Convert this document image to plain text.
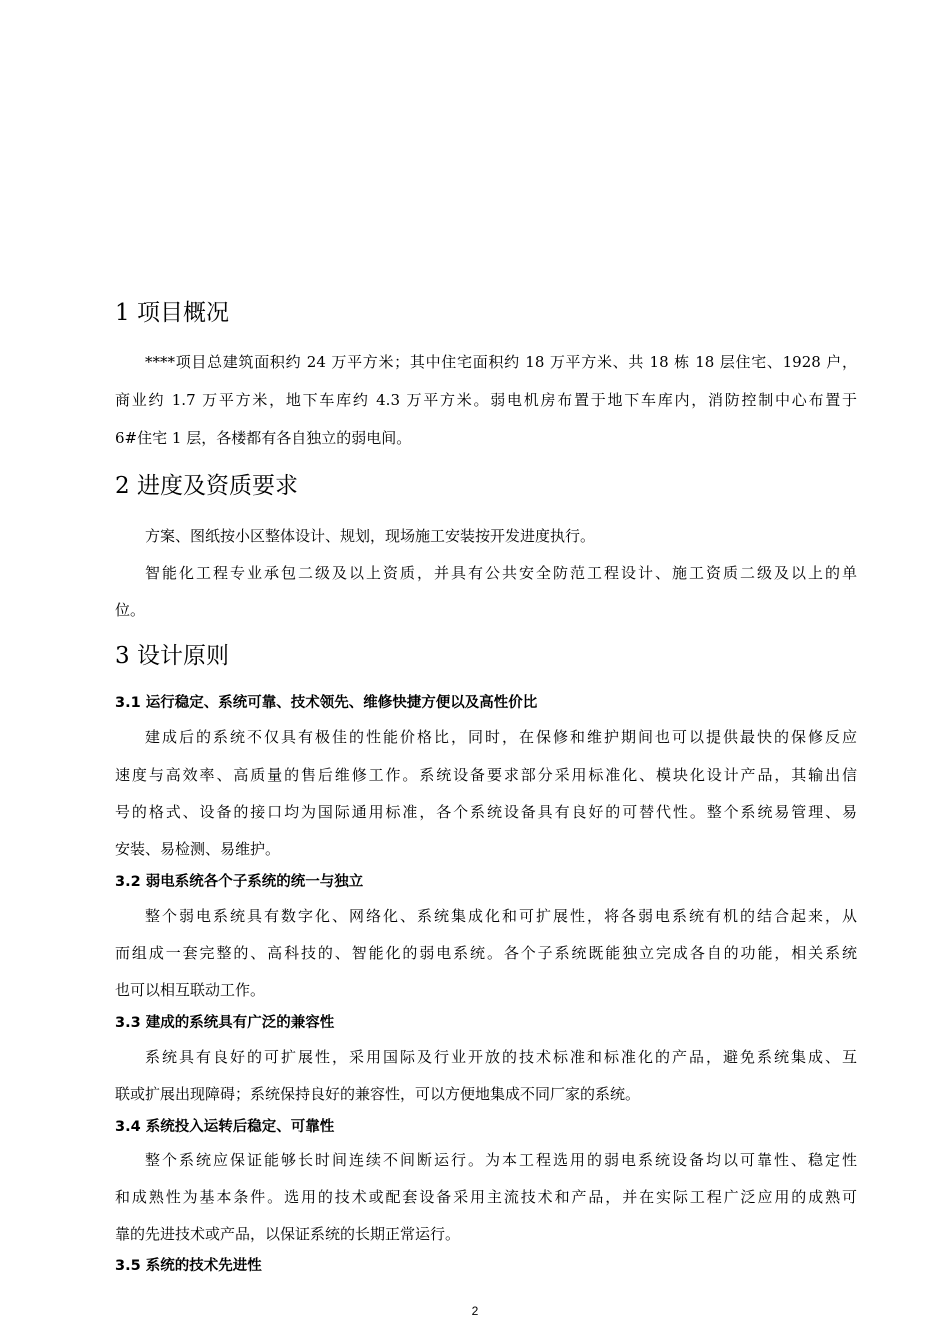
1 项目概况
****项目总建筑面积约 24 万平方米；其中住宅面积约 18 万平方米、共 18 栋 18 层住宅、1928 户，
商业约 1.7 万平方米，地下车库约 4.3 万平方米。弱电机房布置于地下车库内，消防控制中心布置于
6#住宅 1 层，各楼都有各自独立的弱电间。
2 进度及资质要求
方案、图纸按小区整体设计、规划，现场施工安装按开发进度执行。
智能化工程专业承包二级及以上资质，并具有公共安全防范工程设计、施工资质二级及以上的单
位。
3 设计原则
3.1 运行稳定、系统可靠、技术领先、维修快捷方便以及高性价比
建成后的系统不仅具有极佳的性能价格比，同时，在保修和维护期间也可以提供最快的保修反应
速度与高效率、高质量的售后维修工作。系统设备要求部分采用标准化、模块化设计产品，其输出信
号的格式、设备的接口均为国际通用标准，各个系统设备具有良好的可替代性。整个系统易管理、易
安装、易检测、易维护。
3.2 弱电系统各个子系统的统一与独立
整个弱电系统具有数字化、网络化、系统集成化和可扩展性，将各弱电系统有机的结合起来，从
而组成一套完整的、高科技的、智能化的弱电系统。各个子系统既能独立完成各自的功能，相关系统
也可以相互联动工作。
3.3 建成的系统具有广泛的兼容性
系统具有良好的可扩展性，采用国际及行业开放的技术标准和标准化的产品，避免系统集成、互
联或扩展出现障碍；系统保持良好的兼容性，可以方便地集成不同厂家的系统。
3.4 系统投入运转后稳定、可靠性
整个系统应保证能够长时间连续不间断运行。为本工程选用的弱电系统设备均以可靠性、稳定性
和成熟性为基本条件。选用的技术或配套设备采用主流技术和产品，并在实际工程广泛应用的成熟可
靠的先进技术或产品，以保证系统的长期正常运行。
3.5 系统的技术先进性
2
